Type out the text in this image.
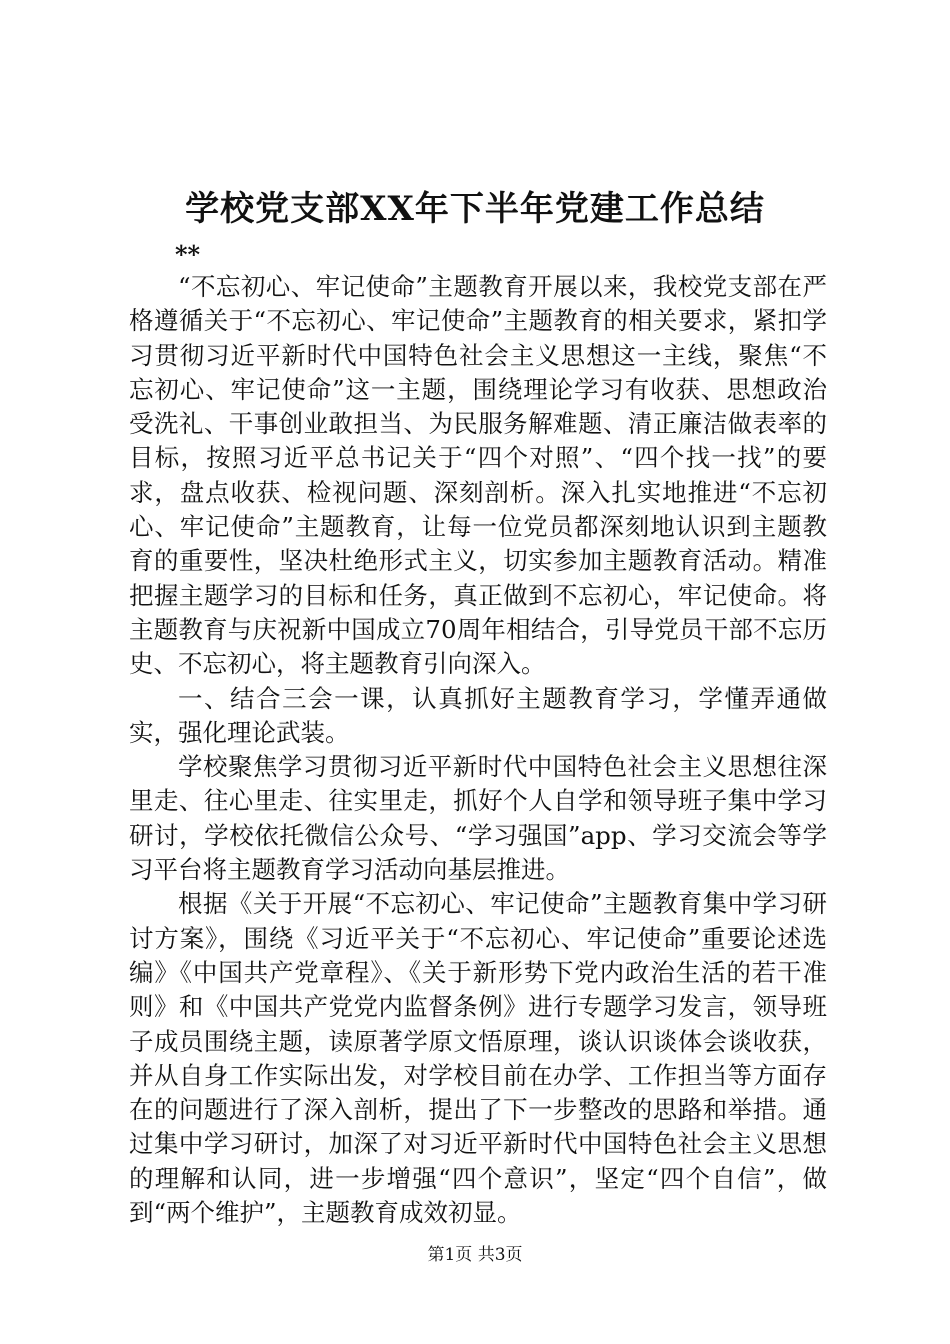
学校党支部XX年下半年党建工作总结
**

“不忘初心、牢记使命”主题教育开展以来，我校党支部在严格遵循关于“不忘初心、牢记使命”主题教育的相关要求，紧扣学习贯彻习近平新时代中国特色社会主义思想这一主线，聚焦“不忘初心、牢记使命”这一主题，围绕理论学习有收获、思想政治受洗礼、干事创业敢担当、为民服务解难题、清正廉洁做表率的目标，按照习近平总书记关于“四个对照”、“四个找一找”的要求，盘点收获、检视问题、深刻剖析。深入扎实地推进“不忘初心、牢记使命”主题教育，让每一位党员都深刻地认识到主题教育的重要性，坚决杜绝形式主义，切实参加主题教育活动。精准把握主题学习的目标和任务，真正做到不忘初心，牢记使命。将主题教育与庆祝新中国成立70周年相结合，引导党员干部不忘历史、不忘初心，将主题教育引向深入。

一、结合三会一课，认真抓好主题教育学习，学懂弄通做实，强化理论武装。

学校聚焦学习贯彻习近平新时代中国特色社会主义思想往深里走、往心里走、往实里走，抓好个人自学和领导班子集中学习研讨，学校依托微信公众号、“学习强国”app、学习交流会等学习平台将主题教育学习活动向基层推进。

根据《关于开展“不忘初心、牢记使命”主题教育集中学习研讨方案》，围绕《习近平关于“不忘初心、牢记使命”重要论述选编》《中国共产党章程》、《关于新形势下党内政治生活的若干准则》和《中国共产党党内监督条例》进行专题学习发言，领导班子成员围绕主题，读原著学原文悟原理，谈认识谈体会谈收获，并从自身工作实际出发，对学校目前在办学、工作担当等方面存在的问题进行了深入剖析，提出了下一步整改的思路和举措。通过集中学习研讨，加深了对习近平新时代中国特色社会主义思想的理解和认同，进一步增强“四个意识”，坚定“四个自信”，做到“两个维护”，主题教育成效初显。

第1页 共3页
